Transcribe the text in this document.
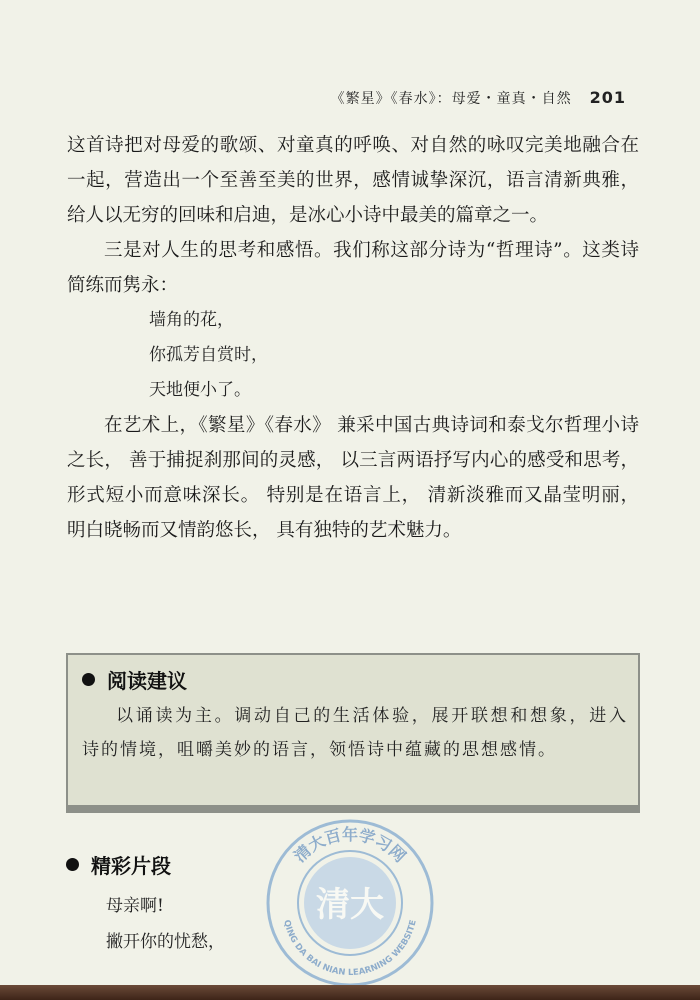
《繁星》《春水》：母爱・童真・自然 201

这首诗把对母爱的歌颂、对童真的呼唤、对自然的咏叹完美地融合在一起，营造出一个至善至美的世界，感情诚挚深沉，语言清新典雅，给人以无穷的回味和启迪，是冰心小诗中最美的篇章之一。

三是对人生的思考和感悟。我们称这部分诗为“哲理诗”。这类诗简练而隽永：

墙角的花，
你孤芳自赏时，
天地便小了。

在艺术上，《繁星》《春水》 兼采中国古典诗词和泰戈尔哲理小诗之长， 善于捕捉刹那间的灵感， 以三言两语抒写内心的感受和思考， 形式短小而意味深长。 特别是在语言上， 清新淡雅而又晶莹明丽， 明白晓畅而又情韵悠长， 具有独特的艺术魅力。

阅读建议

以诵读为主。调动自己的生活体验，展开联想和想象，进入诗的情境，咀嚼美妙的语言，领悟诗中蕴藏的思想感情。

精彩片段
母亲啊!
撇开你的忧愁，
清大百年学习网
QING DA BAI NIAN LEARNING WEBSITE
清大
